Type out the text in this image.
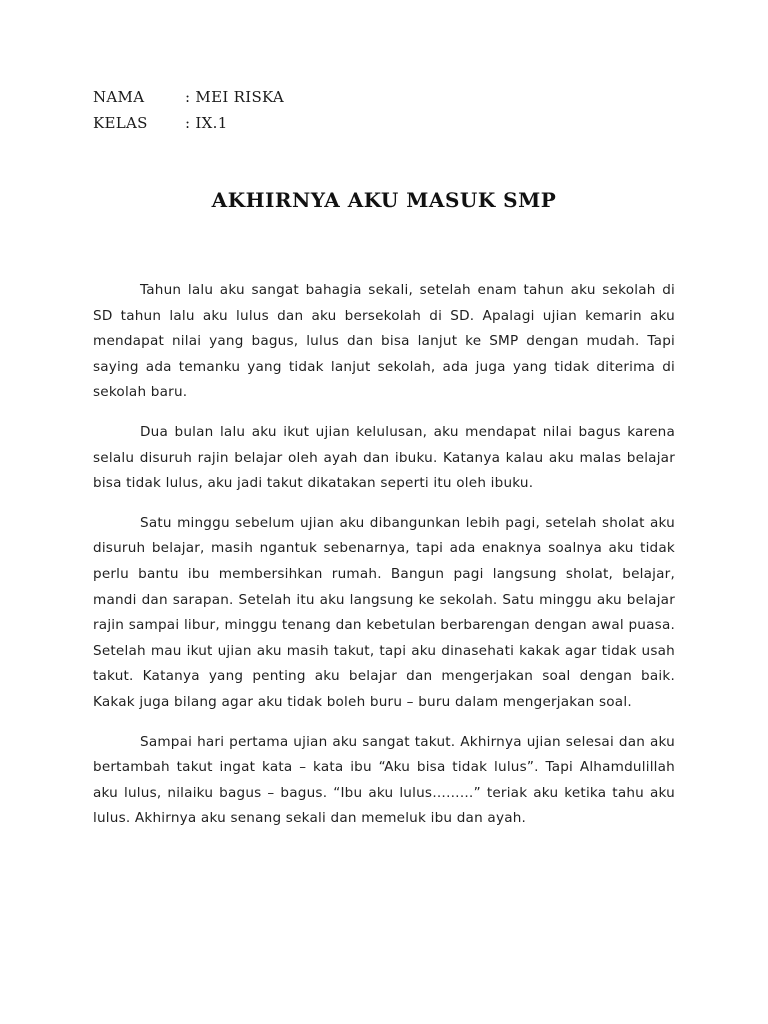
NAMA	: MEI RISKA
KELAS	: IX.1
AKHIRNYA AKU MASUK SMP

Tahun lalu aku sangat bahagia sekali, setelah enam tahun aku sekolah di SD tahun lalu aku lulus dan aku bersekolah di SD. Apalagi ujian kemarin aku mendapat nilai yang bagus, lulus dan bisa lanjut ke SMP dengan mudah. Tapi saying ada temanku yang tidak lanjut sekolah, ada juga yang tidak diterima di sekolah baru.

Dua bulan lalu aku ikut ujian kelulusan, aku mendapat nilai bagus karena selalu disuruh rajin belajar oleh ayah dan ibuku. Katanya kalau aku malas belajar bisa tidak lulus, aku jadi takut dikatakan seperti itu oleh ibuku.

Satu minggu sebelum ujian aku dibangunkan lebih pagi, setelah sholat aku disuruh belajar, masih ngantuk sebenarnya, tapi ada enaknya soalnya aku tidak perlu bantu ibu membersihkan rumah. Bangun pagi langsung sholat, belajar, mandi dan sarapan. Setelah itu aku langsung ke sekolah. Satu minggu aku belajar rajin sampai libur, minggu tenang dan kebetulan berbarengan dengan awal puasa. Setelah mau ikut ujian aku masih takut, tapi aku dinasehati kakak agar tidak usah takut. Katanya yang penting aku belajar dan mengerjakan soal dengan baik. Kakak juga bilang agar aku tidak boleh buru – buru dalam mengerjakan soal.

Sampai hari pertama ujian aku sangat takut. Akhirnya ujian selesai dan aku bertambah takut ingat kata – kata ibu “Aku bisa tidak lulus”. Tapi Alhamdulillah aku lulus, nilaiku bagus – bagus. “Ibu aku lulus………” teriak aku ketika tahu aku lulus. Akhirnya aku senang sekali dan memeluk ibu dan ayah.
